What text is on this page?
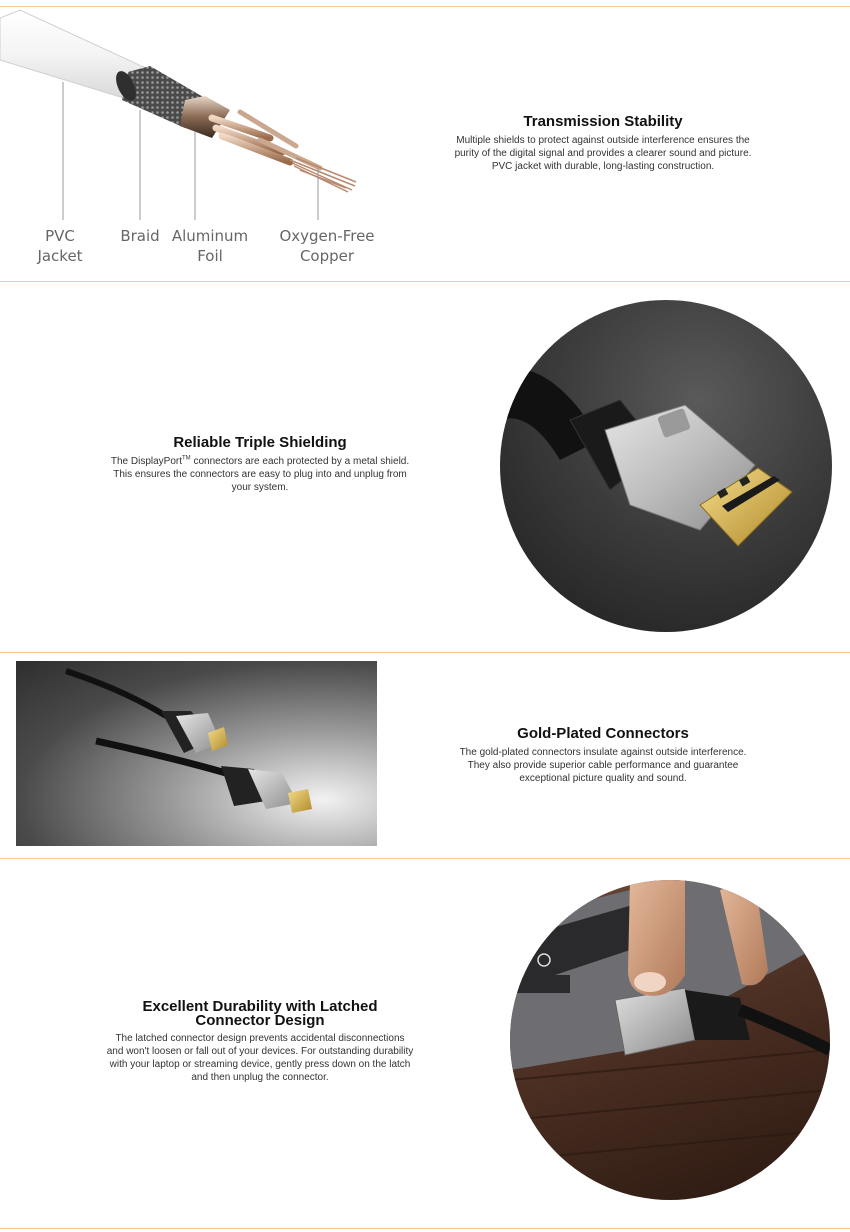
PVC
Jacket
Braid Aluminum
Foil
Oxygen-Free
Copper
Transmission Stability
Multiple shields to protect against outside interference ensures the
purity of the digital signal and provides a clearer sound and picture.
PVC jacket with durable, long-lasting construction.
Reliable Triple Shielding
The DisplayPort™ connectors are each protected by a metal shield.
This ensures the connectors are easy to plug into and unplug from
your system.
Gold-Plated Connectors
The gold-plated connectors insulate against outside interference.
They also provide superior cable performance and guarantee
exceptional picture quality and sound.
Excellent Durability with Latched
Connector Design
The latched connector design prevents accidental disconnections
and won't loosen or fall out of your devices. For outstanding durability
with your laptop or streaming device, gently press down on the latch
and then unplug the connector.
